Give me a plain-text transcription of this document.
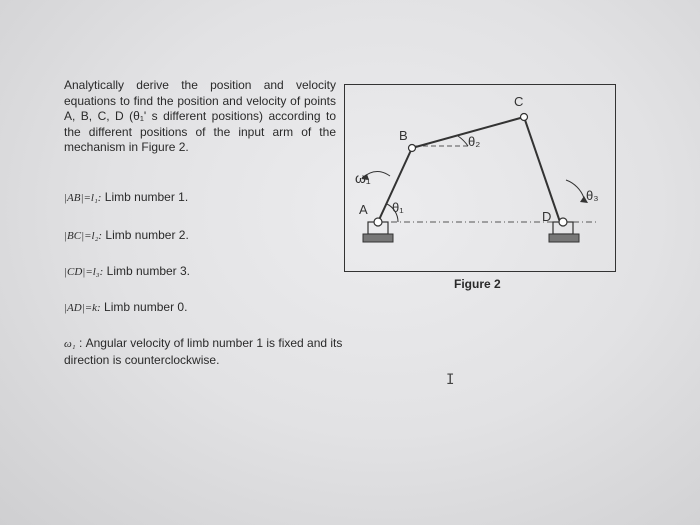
Analytically derive the position and velocity equations to find the position and velocity of points A, B, C, D (θ₁' s different positions) according to the different positions of the input arm of the mechanism in Figure 2.
|AB|=l₁: Limb number 1.
|BC|=l₂: Limb number 2.
|CD|=l₃: Limb number 3.
|AD|=k: Limb number 0.
ω₁ : Angular velocity of limb number 1 is fixed and its direction is counterclockwise.
A
B
C
D
ω₁
θ₁
θ₂
θ₃
Figure 2
I
